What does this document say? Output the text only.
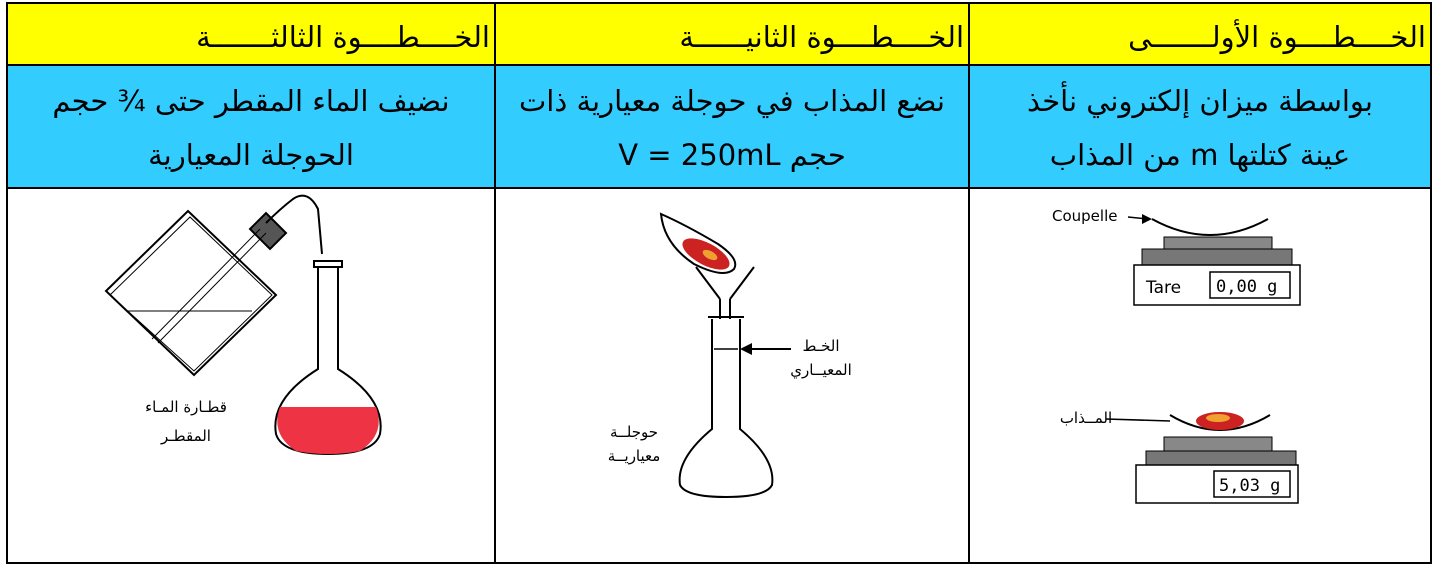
الخــــطــــوة الثالثـــــــة	الخــــطــــوة الثانيــــــة	الخــــطــــوة الأولـــــــى
نضيف الماء المقطر حتى ¾ حجم
الحوجلة المعيارية
نضع المذاب في حوجلة معيارية ذات
حجم V = 250mL
بواسطة ميزان إلكتروني نأخذ
عينة كتلتها m من المذاب
قطـارة المـاء
المقطـر
الخـط
المعيــاري
حوجلــة
معياريــة
Coupelle
Tare 0,00 g
المــذاب
5,03 g
